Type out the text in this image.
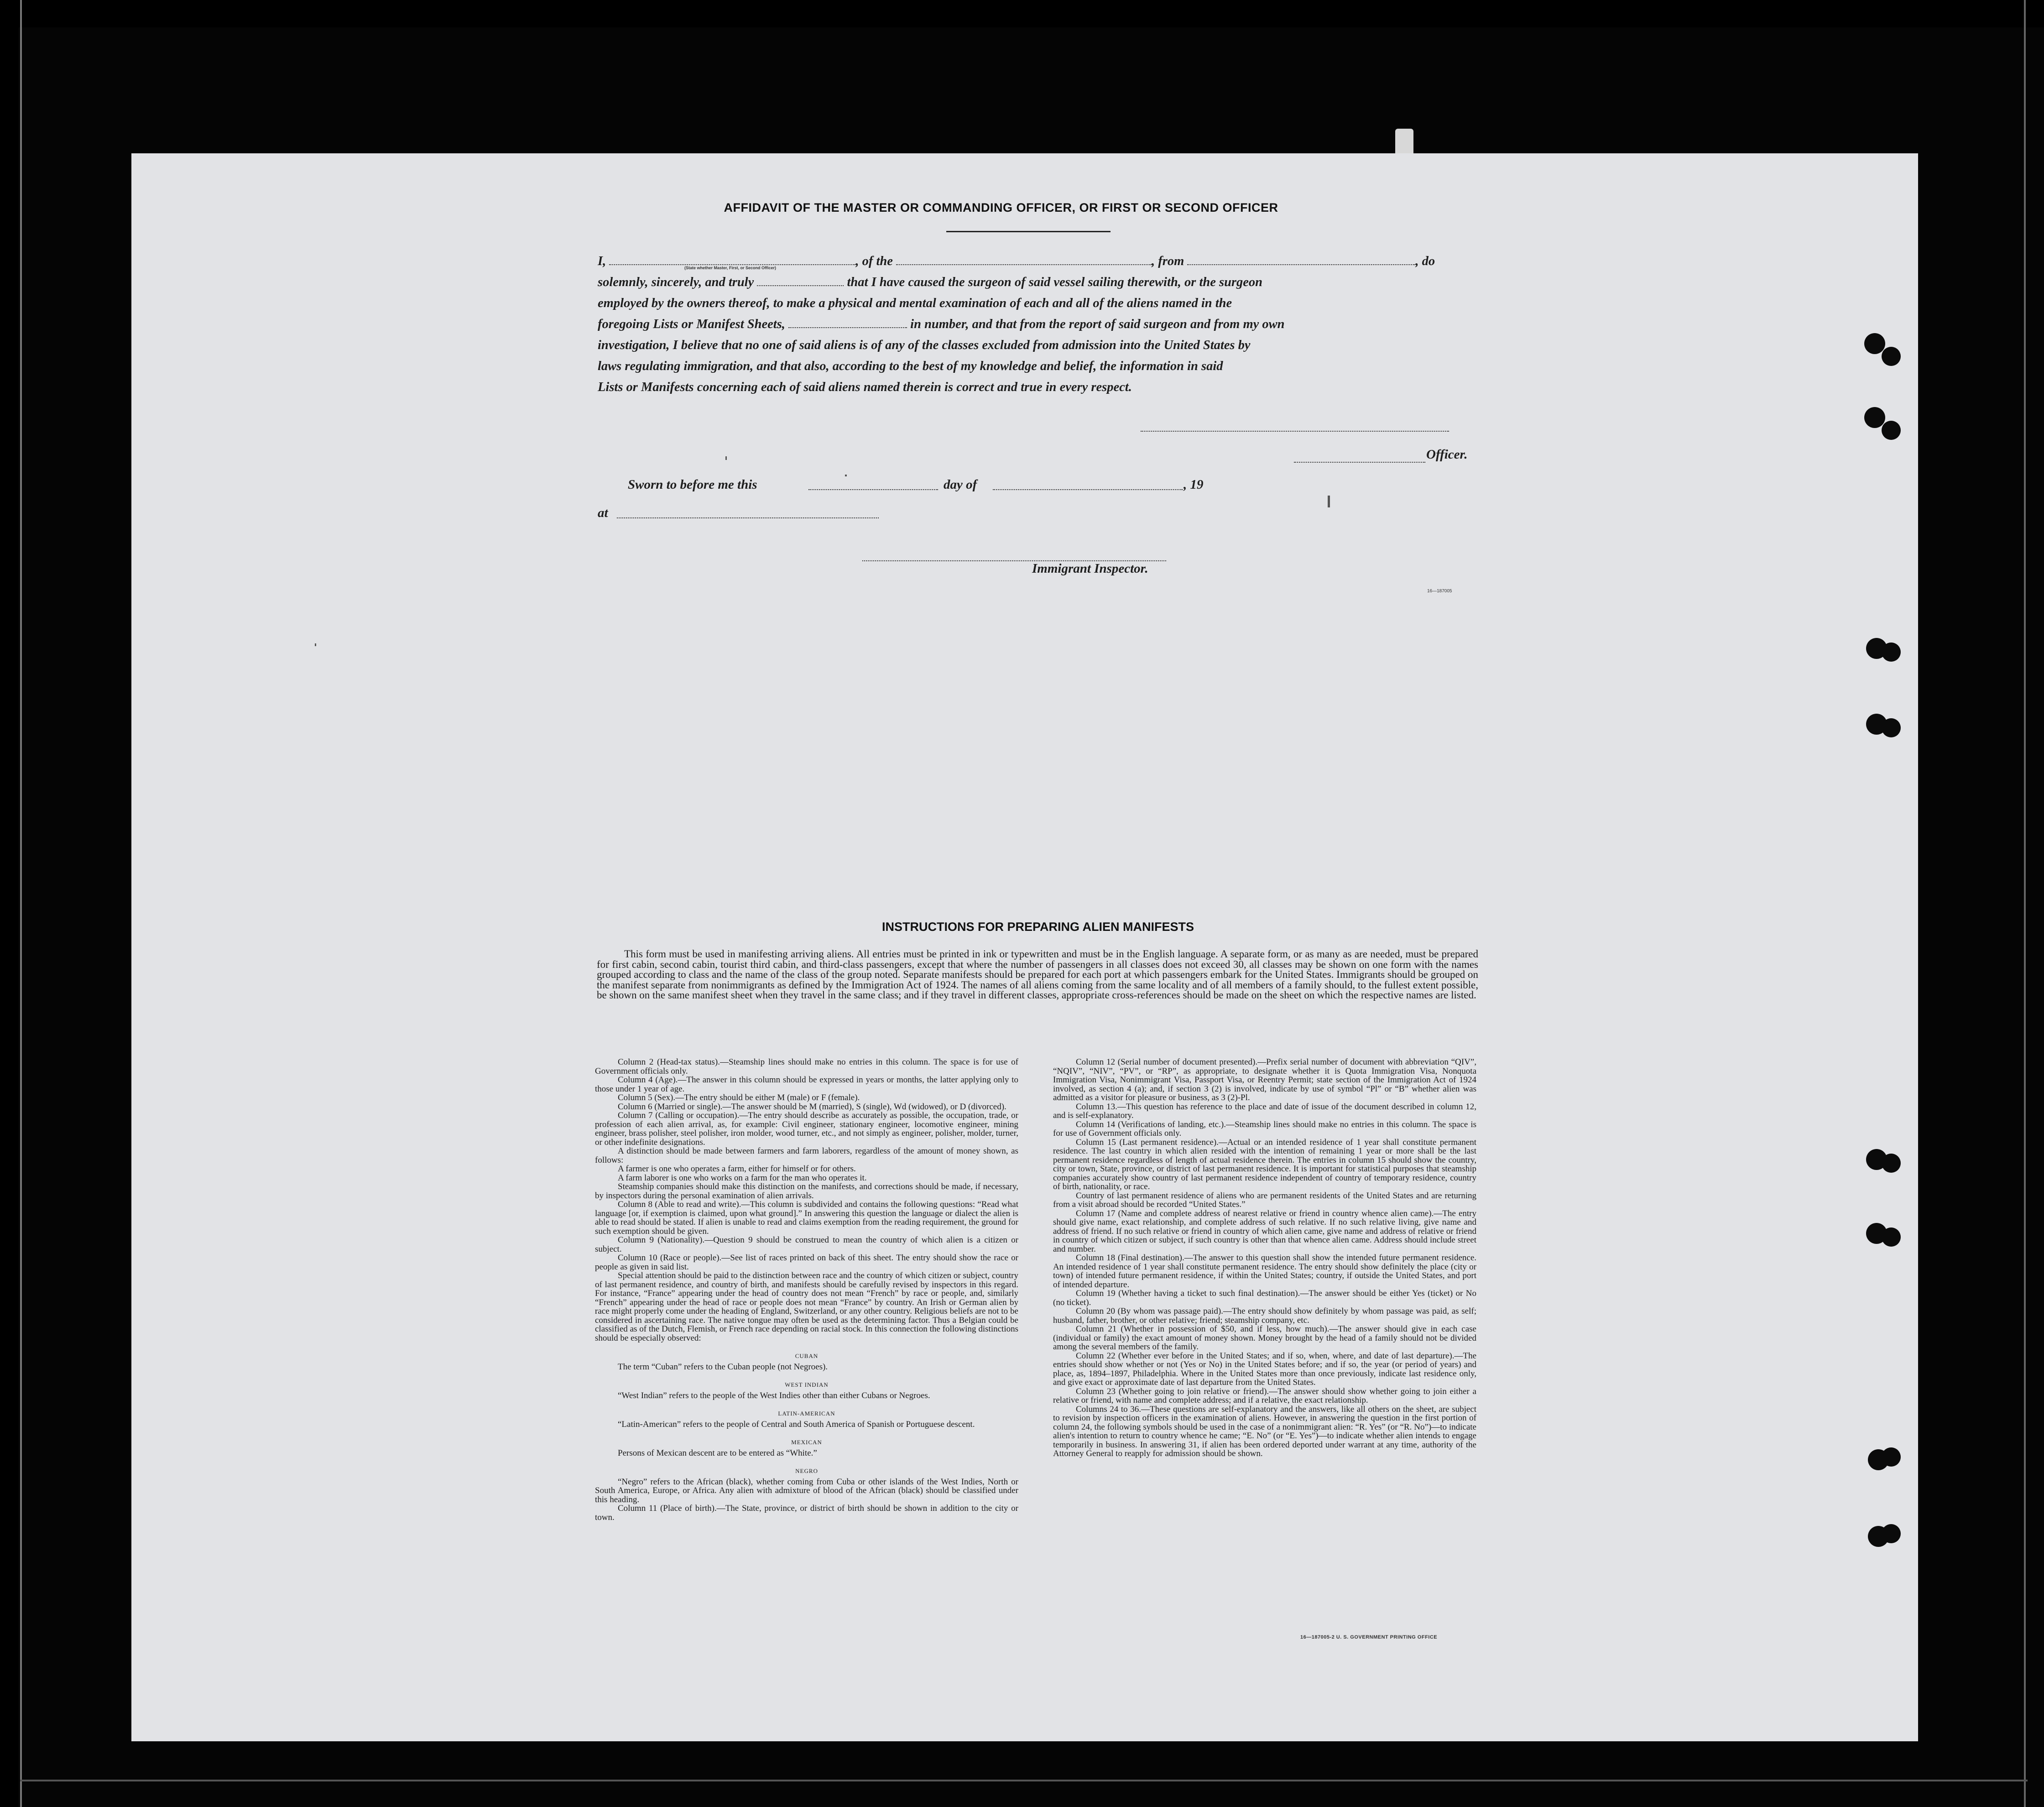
AFFIDAVIT OF THE MASTER OR COMMANDING OFFICER, OR FIRST OR SECOND OFFICER
I,	, of the	, from	, do
solemnly, sincerely, and truly	that I have caused the surgeon of said vessel sailing therewith, or the surgeon
employed by the owners thereof, to make a physical and mental examination of each and all of the aliens named in the
foregoing Lists or Manifest Sheets,	in number, and that from the report of said surgeon and from my own
investigation, I believe that no one of said aliens is of any of the classes excluded from admission into the United States by
laws regulating immigration, and that also, according to the best of my knowledge and belief, the information in said
Lists or Manifests concerning each of said aliens named therein is correct and true in every respect.
(State whether Master, First, or Second Officer)
Officer.
Sworn to before me this	day of	, 19
at
Immigrant Inspector.
16—187005
INSTRUCTIONS FOR PREPARING ALIEN MANIFESTS
This form must be used in manifesting arriving aliens. All entries must be printed in ink or typewritten and must be in the English language. A separate form, or as many as are needed, must be prepared for first cabin, second cabin, tourist third cabin, and third-class passengers, except that where the number of passengers in all classes does not exceed 30, all classes may be shown on one form with the names grouped according to class and the name of the class of the group noted. Separate manifests should be prepared for each port at which passengers embark for the United States. Immigrants should be grouped on the manifest separate from nonimmigrants as defined by the Immigration Act of 1924. The names of all aliens coming from the same locality and of all members of a family should, to the fullest extent possible, be shown on the same manifest sheet when they travel in the same class; and if they travel in different classes, appropriate cross-references should be made on the sheet on which the respective names are listed.

Column 2 (Head-tax status).—Steamship lines should make no entries in this column. The space is for use of Government officials only.

Column 4 (Age).—The answer in this column should be expressed in years or months, the latter applying only to those under 1 year of age.

Column 5 (Sex).—The entry should be either M (male) or F (female).

Column 6 (Married or single).—The answer should be M (married), S (single), Wd (widowed), or D (divorced).

Column 7 (Calling or occupation).—The entry should describe as accurately as possible, the occupation, trade, or profession of each alien arrival, as, for example: Civil engineer, stationary engineer, locomotive engineer, mining engineer, brass polisher, steel polisher, iron molder, wood turner, etc., and not simply as engineer, polisher, molder, turner, or other indefinite designations.

A distinction should be made between farmers and farm laborers, regardless of the amount of money shown, as follows:

A farmer is one who operates a farm, either for himself or for others.

A farm laborer is one who works on a farm for the man who operates it.

Steamship companies should make this distinction on the manifests, and corrections should be made, if necessary, by inspectors during the personal examination of alien arrivals.

Column 8 (Able to read and write).—This column is subdivided and contains the following questions: “Read what language [or, if exemption is claimed, upon what ground].” In answering this question the language or dialect the alien is able to read should be stated. If alien is unable to read and claims exemption from the reading requirement, the ground for such exemption should be given.

Column 9 (Nationality).—Question 9 should be construed to mean the country of which alien is a citizen or subject.

Column 10 (Race or people).—See list of races printed on back of this sheet. The entry should show the race or people as given in said list.

Special attention should be paid to the distinction between race and the country of which citizen or subject, country of last permanent residence, and country of birth, and manifests should be carefully revised by inspectors in this regard. For instance, “France” appearing under the head of country does not mean “French” by race or people, and, similarly “French” appearing under the head of race or people does not mean “France” by country. An Irish or German alien by race might properly come under the heading of England, Switzerland, or any other country. Religious beliefs are not to be considered in ascertaining race. The native tongue may often be used as the determining factor. Thus a Belgian could be classified as of the Dutch, Flemish, or French race depending on racial stock. In this connection the following distinctions should be especially observed:

CUBAN

The term “Cuban” refers to the Cuban people (not Negroes).

WEST INDIAN

“West Indian” refers to the people of the West Indies other than either Cubans or Negroes.

LATIN-AMERICAN

“Latin-American” refers to the people of Central and South America of Spanish or Portuguese descent.

MEXICAN

Persons of Mexican descent are to be entered as “White.”

NEGRO

“Negro” refers to the African (black), whether coming from Cuba or other islands of the West Indies, North or South America, Europe, or Africa. Any alien with admixture of blood of the African (black) should be classified under this heading.

Column 11 (Place of birth).—The State, province, or district of birth should be shown in addition to the city or town.

Column 12 (Serial number of document presented).—Prefix serial number of document with abbreviation “QIV”, “NQIV”, “NIV”, “PV”, or “RP”, as appropriate, to designate whether it is Quota Immigration Visa, Nonquota Immigration Visa, Nonimmigrant Visa, Passport Visa, or Reentry Permit; state section of the Immigration Act of 1924 involved, as section 4 (a); and, if section 3 (2) is involved, indicate by use of symbol “Pl” or “B” whether alien was admitted as a visitor for pleasure or business, as 3 (2)-Pl.

Column 13.—This question has reference to the place and date of issue of the document described in column 12, and is self-explanatory.

Column 14 (Verifications of landing, etc.).—Steamship lines should make no entries in this column. The space is for use of Government officials only.

Column 15 (Last permanent residence).—Actual or an intended residence of 1 year shall constitute permanent residence. The last country in which alien resided with the intention of remaining 1 year or more shall be the last permanent residence regardless of length of actual residence therein. The entries in column 15 should show the country, city or town, State, province, or district of last permanent residence. It is important for statistical purposes that steamship companies accurately show country of last permanent residence independent of country of temporary residence, country of birth, nationality, or race.

Country of last permanent residence of aliens who are permanent residents of the United States and are returning from a visit abroad should be recorded “United States.”

Column 17 (Name and complete address of nearest relative or friend in country whence alien came).—The entry should give name, exact relationship, and complete address of such relative. If no such relative living, give name and address of friend. If no such relative or friend in country of which alien came, give name and address of relative or friend in country of which citizen or subject, if such country is other than that whence alien came. Address should include street and number.

Column 18 (Final destination).—The answer to this question shall show the intended future permanent residence. An intended residence of 1 year shall constitute permanent residence. The entry should show definitely the place (city or town) of intended future permanent residence, if within the United States; country, if outside the United States, and port of intended departure.

Column 19 (Whether having a ticket to such final destination).—The answer should be either Yes (ticket) or No (no ticket).

Column 20 (By whom was passage paid).—The entry should show definitely by whom passage was paid, as self; husband, father, brother, or other relative; friend; steamship company, etc.

Column 21 (Whether in possession of $50, and if less, how much).—The answer should give in each case (individual or family) the exact amount of money shown. Money brought by the head of a family should not be divided among the several members of the family.

Column 22 (Whether ever before in the United States; and if so, when, where, and date of last departure).—The entries should show whether or not (Yes or No) in the United States before; and if so, the year (or period of years) and place, as, 1894–1897, Philadelphia. Where in the United States more than once previously, indicate last residence only, and give exact or approximate date of last departure from the United States.

Column 23 (Whether going to join relative or friend).—The answer should show whether going to join either a relative or friend, with name and complete address; and if a relative, the exact relationship.

Columns 24 to 36.—These questions are self-explanatory and the answers, like all others on the sheet, are subject to revision by inspection officers in the examination of aliens. However, in answering the question in the first portion of column 24, the following symbols should be used in the case of a nonimmigrant alien: “R. Yes” (or “R. No”)—to indicate alien's intention to return to country whence he came; “E. No” (or “E. Yes”)—to indicate whether alien intends to engage temporarily in business. In answering 31, if alien has been ordered deported under warrant at any time, authority of the Attorney General to reapply for admission should be shown.

16—187005-2 U. S. GOVERNMENT PRINTING OFFICE
